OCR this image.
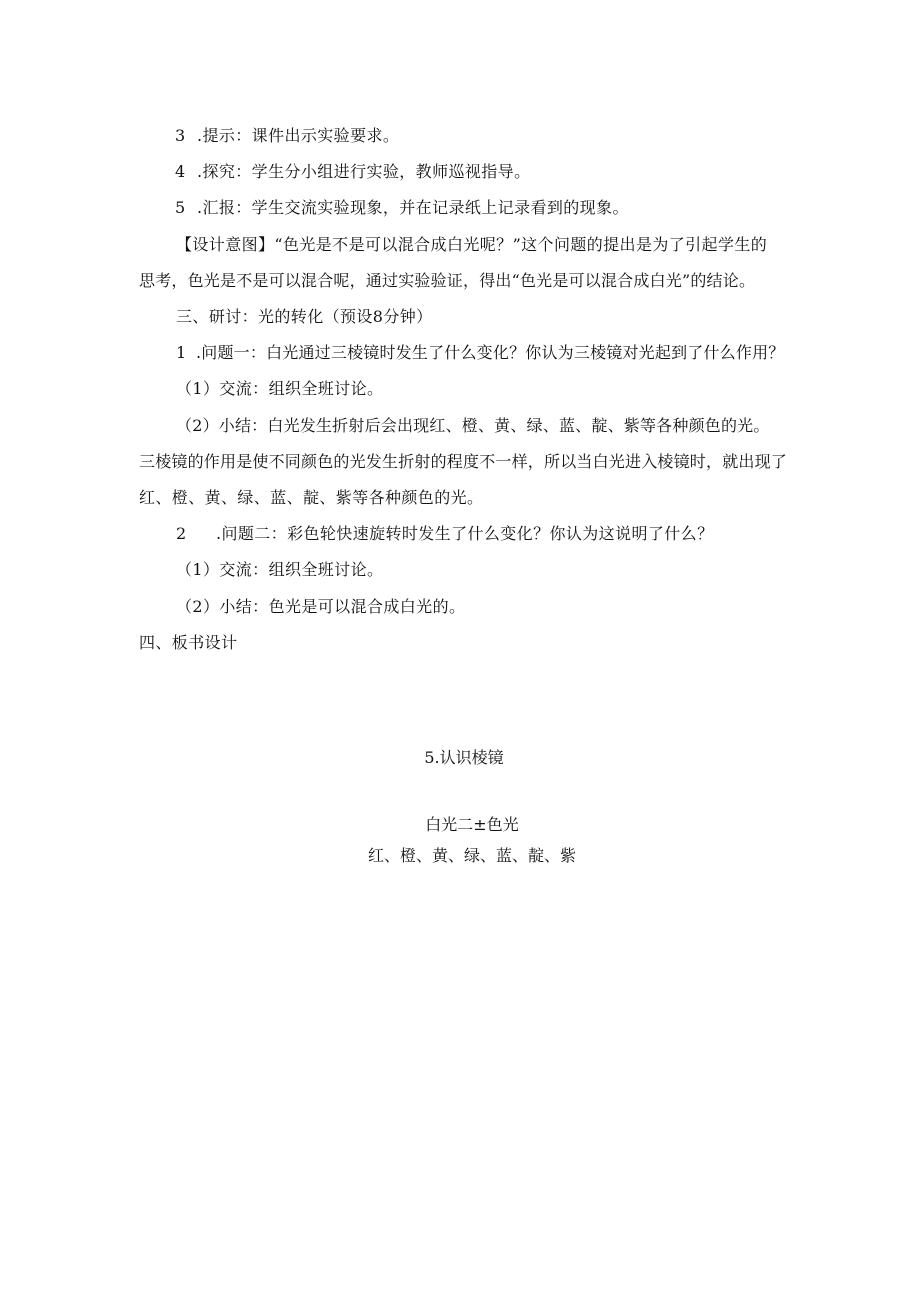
3 .提示：课件出示实验要求。
4 .探究：学生分小组进行实验，教师巡视指导。
5 .汇报：学生交流实验现象，并在记录纸上记录看到的现象。
【设计意图】“色光是不是可以混合成白光呢？”这个问题的提出是为了引起学生的
思考，色光是不是可以混合呢，通过实验验证，得出“色光是可以混合成白光”的结论。
三、研讨：光的转化（预设8分钟）
1 .问题一：白光通过三棱镜时发生了什么变化？你认为三棱镜对光起到了什么作用？
（1）交流：组织全班讨论。
（2）小结：白光发生折射后会出现红、橙、黄、绿、蓝、靛、紫等各种颜色的光。
三棱镜的作用是使不同颜色的光发生折射的程度不一样，所以当白光进入棱镜时，就出现了
红、橙、黄、绿、蓝、靛、紫等各种颜色的光。
2 .问题二：彩色轮快速旋转时发生了什么变化？你认为这说明了什么？
（1）交流：组织全班讨论。
（2）小结：色光是可以混合成白光的。
四、板书设计
5.认识棱镜
白光二±色光
红、橙、黄、绿、蓝、靛、紫
